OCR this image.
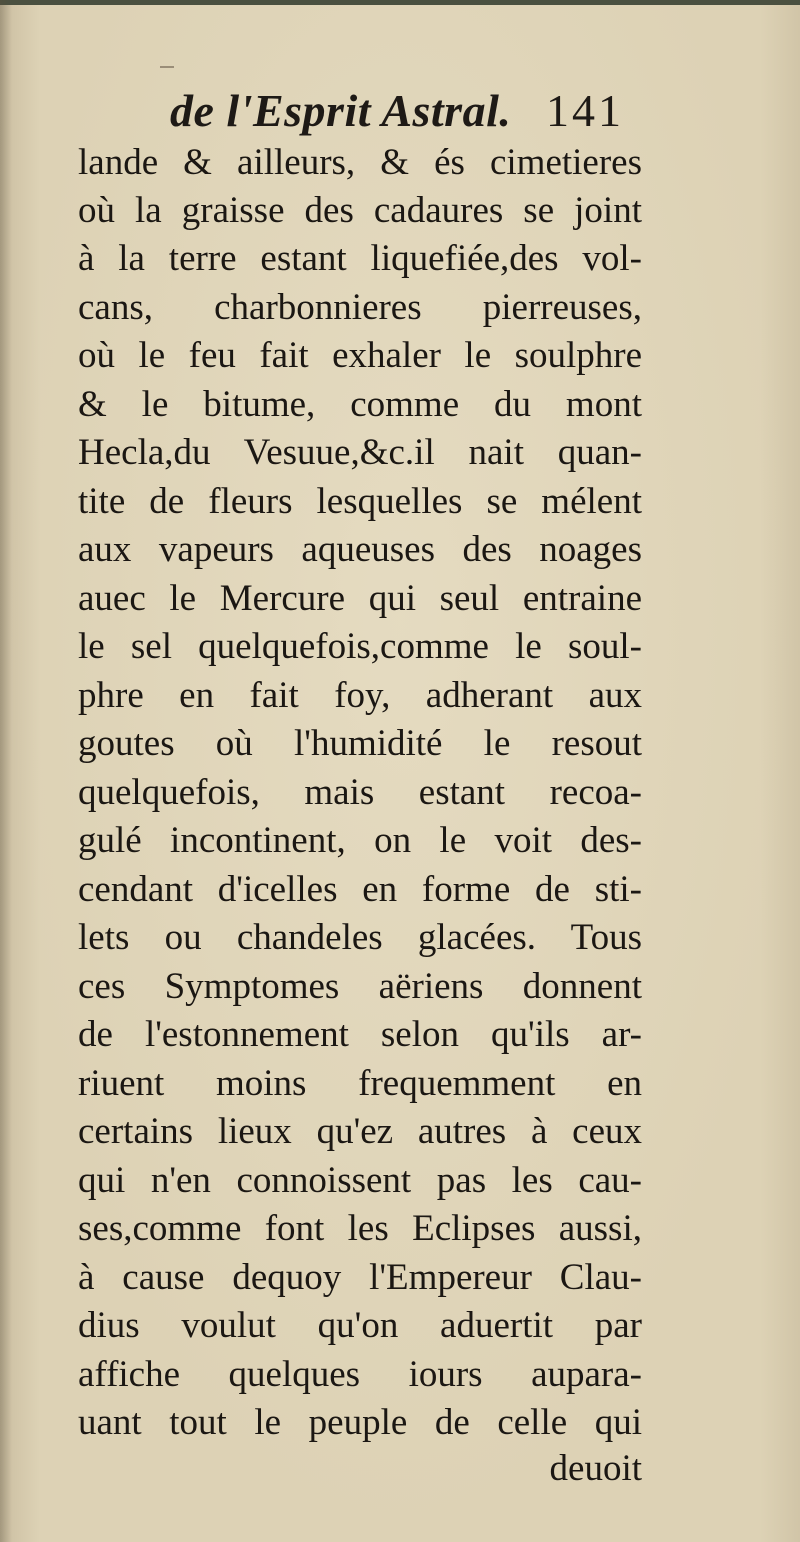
de l'Esprit Astral. 141
lande & ailleurs, & és cimetieres
où la graisse des cadaures se joint
à la terre estant liquefiée,des vol-
cans, charbonnieres pierreuses,
où le feu fait exhaler le soulphre
& le bitume, comme du mont
Hecla,du Vesuue,&c.il nait quan-
tite de fleurs lesquelles se mélent
aux vapeurs aqueuses des noages
auec le Mercure qui seul entraine
le sel quelquefois,comme le soul-
phre en fait foy, adherant aux
goutes où l'humidité le resout
quelquefois, mais estant recoa-
gulé incontinent, on le voit des-
cendant d'icelles en forme de sti-
lets ou chandeles glacées. Tous
ces Symptomes aëriens donnent
de l'estonnement selon qu'ils ar-
riuent moins frequemment en
certains lieux qu'ez autres à ceux
qui n'en connoissent pas les cau-
ses,comme font les Eclipses aussi,
à cause dequoy l'Empereur Clau-
dius voulut qu'on aduertit par
affiche quelques iours aupara-
uant tout le peuple de celle qui
deuoit
